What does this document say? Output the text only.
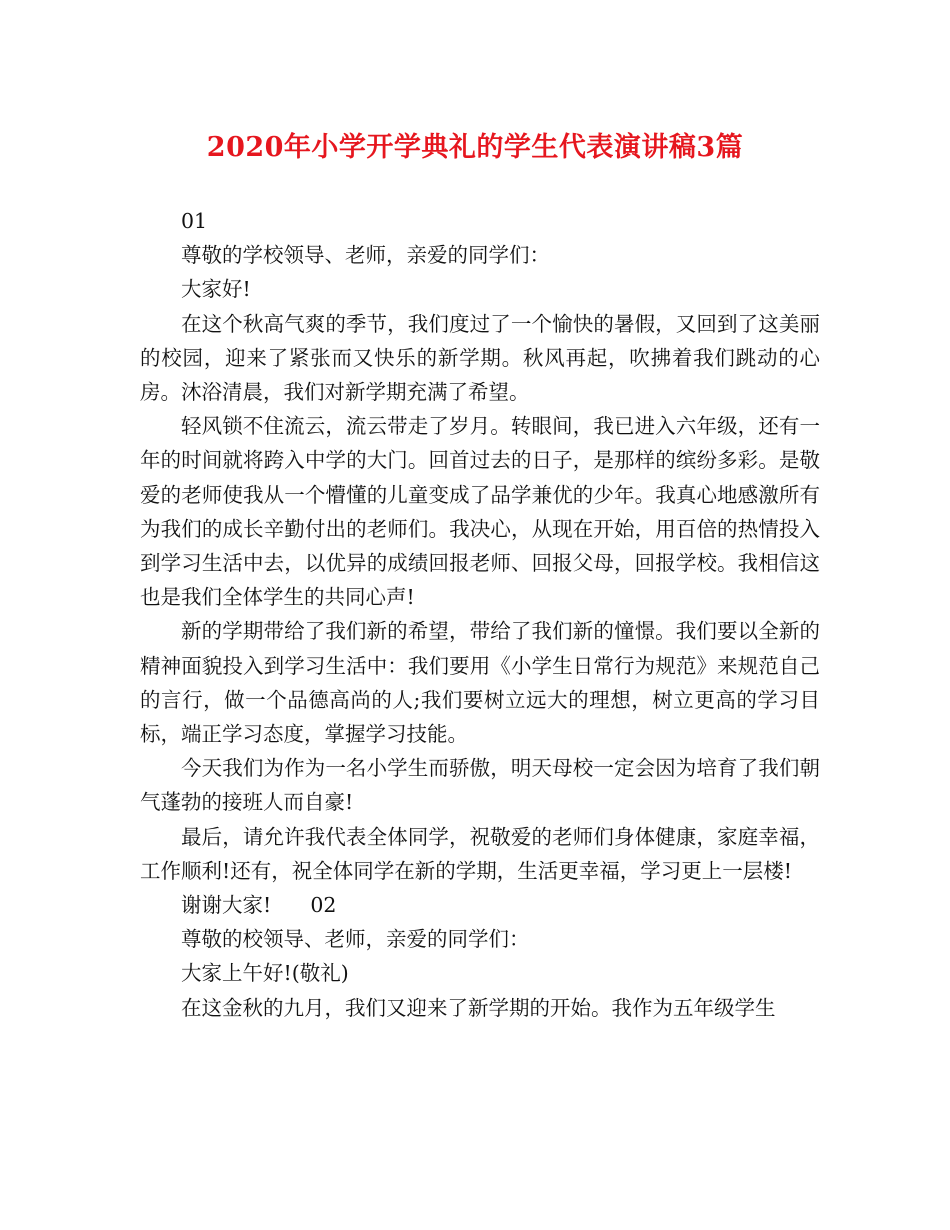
2020年小学开学典礼的学生代表演讲稿3篇

01

尊敬的学校领导、老师，亲爱的同学们：

大家好!

在这个秋高气爽的季节，我们度过了一个愉快的暑假，又回到了这美丽的校园，迎来了紧张而又快乐的新学期。秋风再起，吹拂着我们跳动的心房。沐浴清晨，我们对新学期充满了希望。

轻风锁不住流云，流云带走了岁月。转眼间，我已进入六年级，还有一年的时间就将跨入中学的大门。回首过去的日子，是那样的缤纷多彩。是敬爱的老师使我从一个懵懂的儿童变成了品学兼优的少年。我真心地感激所有为我们的成长辛勤付出的老师们。我决心，从现在开始，用百倍的热情投入到学习生活中去，以优异的成绩回报老师、回报父母，回报学校。我相信这也是我们全体学生的共同心声!

新的学期带给了我们新的希望，带给了我们新的憧憬。我们要以全新的精神面貌投入到学习生活中：我们要用《小学生日常行为规范》来规范自己的言行，做一个品德高尚的人;我们要树立远大的理想，树立更高的学习目标，端正学习态度，掌握学习技能。

今天我们为作为一名小学生而骄傲，明天母校一定会因为培育了我们朝气蓬勃的接班人而自豪!

最后，请允许我代表全体同学，祝敬爱的老师们身体健康，家庭幸福，工作顺利!还有，祝全体同学在新的学期，生活更幸福，学习更上一层楼!

谢谢大家!      02

尊敬的校领导、老师，亲爱的同学们：

大家上午好!(敬礼)

在这金秋的九月，我们又迎来了新学期的开始。我作为五年级学生
